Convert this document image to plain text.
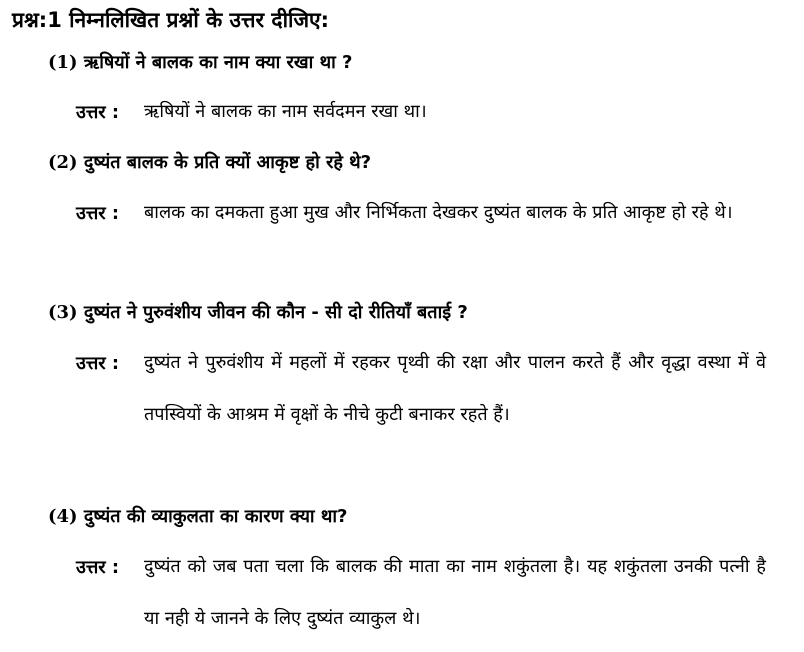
प्रश्न:1 निम्नलिखित प्रश्नों के उत्तर दीजिए:
(1) ऋषियों ने बालक का नाम क्या रखा था ?
उत्तर : ऋषियों ने बालक का नाम सर्वदमन रखा था।
(2) दुष्यंत बालक के प्रति क्यों आकृष्ट हो रहे थे?
उत्तर : बालक का दमकता हुआ मुख और निर्भिकता देखकर दुष्यंत बालक के प्रति आकृष्ट हो रहे थे।
(3) दुष्यंत ने पुरुवंशीय जीवन की कौन - सी दो रीतियाँ बताई ?
उत्तर : दुष्यंत ने पुरुवंशीय में महलों में रहकर पृथ्वी की रक्षा और पालन करते हैं और वृद्धा वस्था में वे तपस्वियों के आश्रम में वृक्षों के नीचे कुटी बनाकर रहते हैं।
(4) दुष्यंत की व्याकुलता का कारण क्या था?
उत्तर : दुष्यंत को जब पता चला कि बालक की माता का नाम शकुंतला है। यह शकुंतला उनकी पत्नी है या नही ये जानने के लिए दुष्यंत व्याकुल थे।
